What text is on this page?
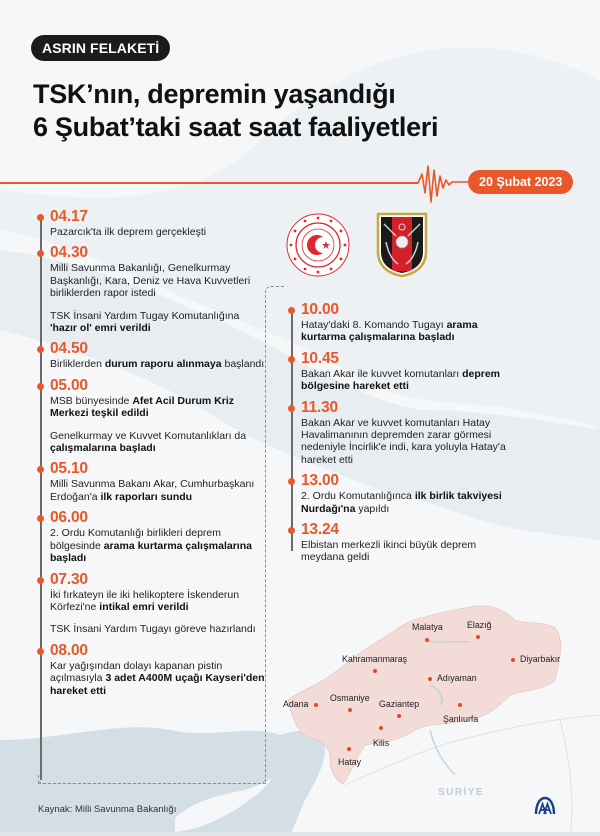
ASRIN FELAKETİ
TSK’nın, depremin yaşandığı
6 Şubat’taki saat saat faaliyetleri
20 Şubat 2023
04.17
Pazarcık'ta ilk deprem gerçekleşti
04.30
Milli Savunma Bakanlığı, Genelkurmay Başkanlığı, Kara, Deniz ve Hava Kuvvetleri birliklerden rapor istedi
TSK İnsani Yardım Tugay Komutanlığına 'hazır ol' emri verildi
04.50
Birliklerden durum raporu alınmaya başlandı
05.00
MSB bünyesinde Afet Acil Durum Kriz Merkezi teşkil edildi
Genelkurmay ve Kuvvet Komutanlıkları da çalışmalarına başladı
05.10
Milli Savunma Bakanı Akar, Cumhurbaşkanı Erdoğan'a ilk raporları sundu
06.00
2. Ordu Komutanlığı birlikleri deprem bölgesinde arama kurtarma çalışmalarına başladı
07.30
İki fırkateyn ile iki helikoptere İskenderun Körfezi'ne intikal emri verildi
TSK İnsani Yardım Tugayı göreve hazırlandı
08.00
Kar yağışından dolayı kapanan pistin açılmasıyla 3 adet A400M uçağı Kayseri'den hareket etti
10.00
Hatay'daki 8. Komando Tugayı arama kurtarma çalışmalarına başladı
10.45
Bakan Akar ile kuvvet komutanları deprem bölgesine hareket etti
11.30
Bakan Akar ve kuvvet komutanları Hatay Havalimanının depremden zarar görmesi nedeniyle İncirlik'e indi, kara yoluyla Hatay'a hareket etti
13.00
2. Ordu Komutanlığınca ilk birlik takviyesi Nurdağı'na yapıldı
13.24
Elbistan merkezli ikinci büyük deprem meydana geldi
Malatya	Elazığ
Diyarbakır
Kahramanmaraş
Adıyaman
Adana
Osmaniye
Gaziantep
Şanlıurfa
Kilis
Hatay
SURİYE
Kaynak: Milli Savunma Bakanlığı
